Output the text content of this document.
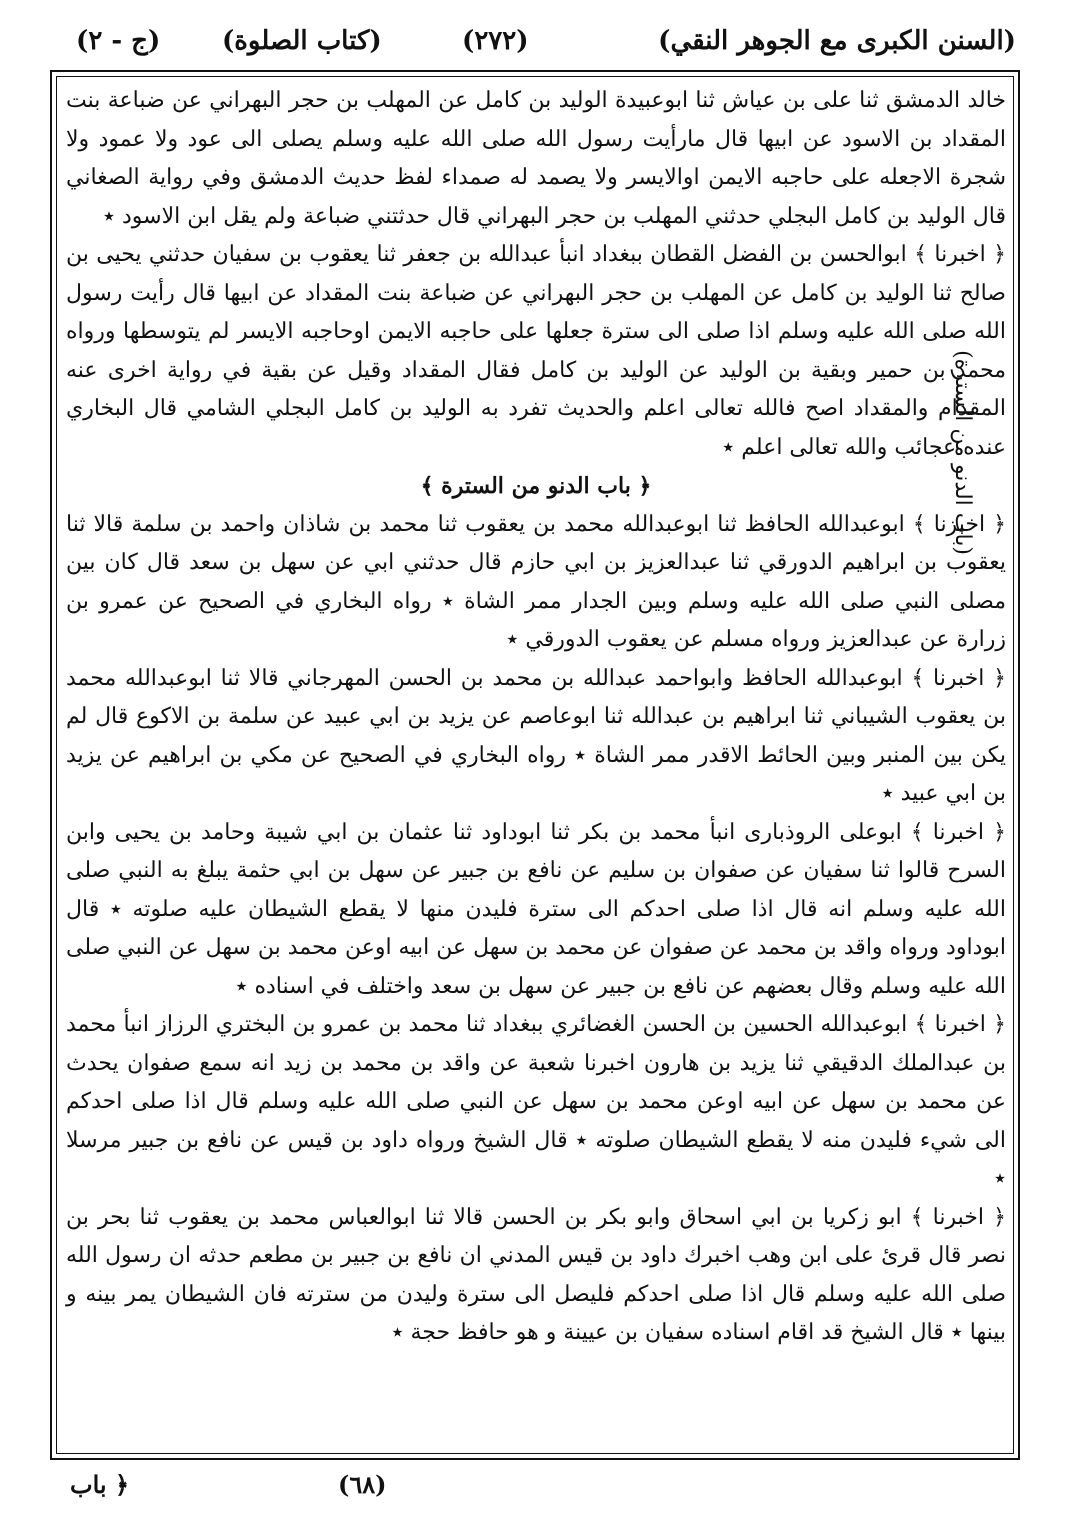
(السنن الكبرى مع الجوهر النقي)
(٢٧٢)
(كتاب الصلوة)
(ج - ٢)

خالد الدمشق ثنا على بن عياش ثنا ابوعبيدة الوليد بن كامل عن المهلب بن حجر البهراني عن ضباعة بنت المقداد بن الاسود عن ابيها قال مارأيت رسول الله صلى الله عليه وسلم يصلى الى عود ولا عمود ولا شجرة الاجعله على حاجبه الايمن اوالايسر ولا يصمد له صمداء لفظ حديث الدمشق وفي رواية الصغاني قال الوليد بن كامل البجلي حدثني المهلب بن حجر البهراني قال حدثتني ضباعة ولم يقل ابن الاسود ٭

﴿ اخبرنا ﴾ ابوالحسن بن الفضل القطان ببغداد انبأ عبدالله بن جعفر ثنا يعقوب بن سفيان حدثني يحيى بن صالح ثنا الوليد بن كامل عن المهلب بن حجر البهراني عن ضباعة بنت المقداد عن ابيها قال رأيت رسول الله صلى الله عليه وسلم اذا صلى الى سترة جعلها على حاجبه الايمن اوحاجبه الايسر لم يتوسطها ورواه محمد بن حمير وبقية بن الوليد عن الوليد بن كامل فقال المقداد وقيل عن بقية في رواية اخرى عنه المقدام والمقداد اصح فالله تعالى اعلم والحديث تفرد به الوليد بن كامل البجلي الشامي قال البخاري عنده عجائب والله تعالى اعلم ٭

﴿ باب الدنو من السترة ﴾

﴿ اخبرنا ﴾ ابوعبدالله الحافظ ثنا ابوعبدالله محمد بن يعقوب ثنا محمد بن شاذان واحمد بن سلمة قالا ثنا يعقوب بن ابراهيم الدورقي ثنا عبدالعزيز بن ابي حازم قال حدثني ابي عن سهل بن سعد قال كان بين مصلى النبي صلى الله عليه وسلم وبين الجدار ممر الشاة ٭ رواه البخاري في الصحيح عن عمرو بن زرارة عن عبدالعزيز ورواه مسلم عن يعقوب الدورقي ٭

﴿ اخبرنا ﴾ ابوعبدالله الحافظ وابواحمد عبدالله بن محمد بن الحسن المهرجاني قالا ثنا ابوعبدالله محمد بن يعقوب الشيباني ثنا ابراهيم بن عبدالله ثنا ابوعاصم عن يزيد بن ابي عبيد عن سلمة بن الاكوع قال لم يكن بين المنبر وبين الحائط الاقدر ممر الشاة ٭ رواه البخاري في الصحيح عن مكي بن ابراهيم عن يزيد بن ابي عبيد ٭

﴿ اخبرنا ﴾ ابوعلى الروذبارى انبأ محمد بن بكر ثنا ابوداود ثنا عثمان بن ابي شيبة وحامد بن يحيى وابن السرح قالوا ثنا سفيان عن صفوان بن سليم عن نافع بن جبير عن سهل بن ابي حثمة يبلغ به النبي صلى الله عليه وسلم انه قال اذا صلى احدكم الى سترة فليدن منها لا يقطع الشيطان عليه صلوته ٭ قال ابوداود ورواه واقد بن محمد عن صفوان عن محمد بن سهل عن ابيه اوعن محمد بن سهل عن النبي صلى الله عليه وسلم وقال بعضهم عن نافع بن جبير عن سهل بن سعد واختلف في اسناده ٭

﴿ اخبرنا ﴾ ابوعبدالله الحسين بن الحسن الغضائري ببغداد ثنا محمد بن عمرو بن البختري الرزاز انبأ محمد بن عبدالملك الدقيقي ثنا يزيد بن هارون اخبرنا شعبة عن واقد بن محمد بن زيد انه سمع صفوان يحدث عن محمد بن سهل عن ابيه اوعن محمد بن سهل عن النبي صلى الله عليه وسلم قال اذا صلى احدكم الى شيء فليدن منه لا يقطع الشيطان صلوته ٭ قال الشيخ ورواه داود بن قيس عن نافع بن جبير مرسلا ٭

﴿ اخبرنا ﴾ ابو زكريا بن ابي اسحاق وابو بكر بن الحسن قالا ثنا ابوالعباس محمد بن يعقوب ثنا بحر بن نصر قال قرئ على ابن وهب اخبرك داود بن قيس المدني ان نافع بن جبير بن مطعم حدثه ان رسول الله صلى الله عليه وسلم قال اذا صلى احدكم فليصل الى سترة وليدن من سترته فان الشيطان يمر بينه و بينها ٭ قال الشيخ قد اقام اسناده سفيان بن عيينة و هو حافظ حجة ٭

(باب الدنو من السترة)
(٦٨)
﴿ باب
